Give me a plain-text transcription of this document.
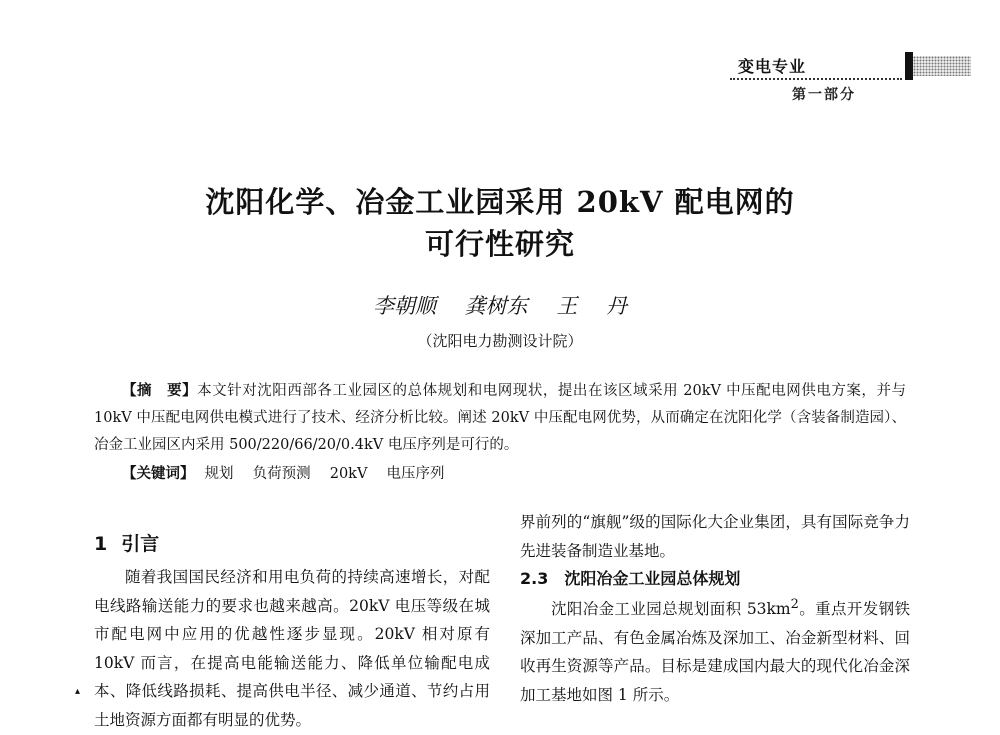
变电专业
第一部分
沈阳化学、冶金工业园采用 20kV 配电网的
可行性研究
李朝顺 龚树东 王 丹
（沈阳电力勘测设计院）
【摘　要】本文针对沈阳西部各工业园区的总体规划和电网现状，提出在该区域采用 20kV 中压配电网供电方案，并与 10kV 中压配电网供电模式进行了技术、经济分析比较。阐述 20kV 中压配电网优势，从而确定在沈阳化学（含装备制造园）、冶金工业园区内采用 500/220/66/20/0.4kV 电压序列是可行的。
【关键词】 规划　 负荷预测　 20kV　 电压序列
1 引言
随着我国国民经济和用电负荷的持续高速增长，对配电线路输送能力的要求也越来越高。20kV 电压等级在城市配电网中应用的优越性逐步显现。20kV 相对原有 10kV 而言，在提高电能输送能力、降低单位输配电成本、降低线路损耗、提高供电半径、减少通道、节约占用土地资源方面都有明显的优势。
界前列的“旗舰”级的国际化大企业集团，具有国际竞争力先进装备制造业基地。
2.3 沈阳冶金工业园总体规划
沈阳冶金工业园总规划面积 $53km^2$。重点开发钢铁深加工产品、有色金属冶炼及深加工、冶金新型材料、回收再生资源等产品。目标是建成国内最大的现代化冶金深加工基地如图 1 所示。
▴
